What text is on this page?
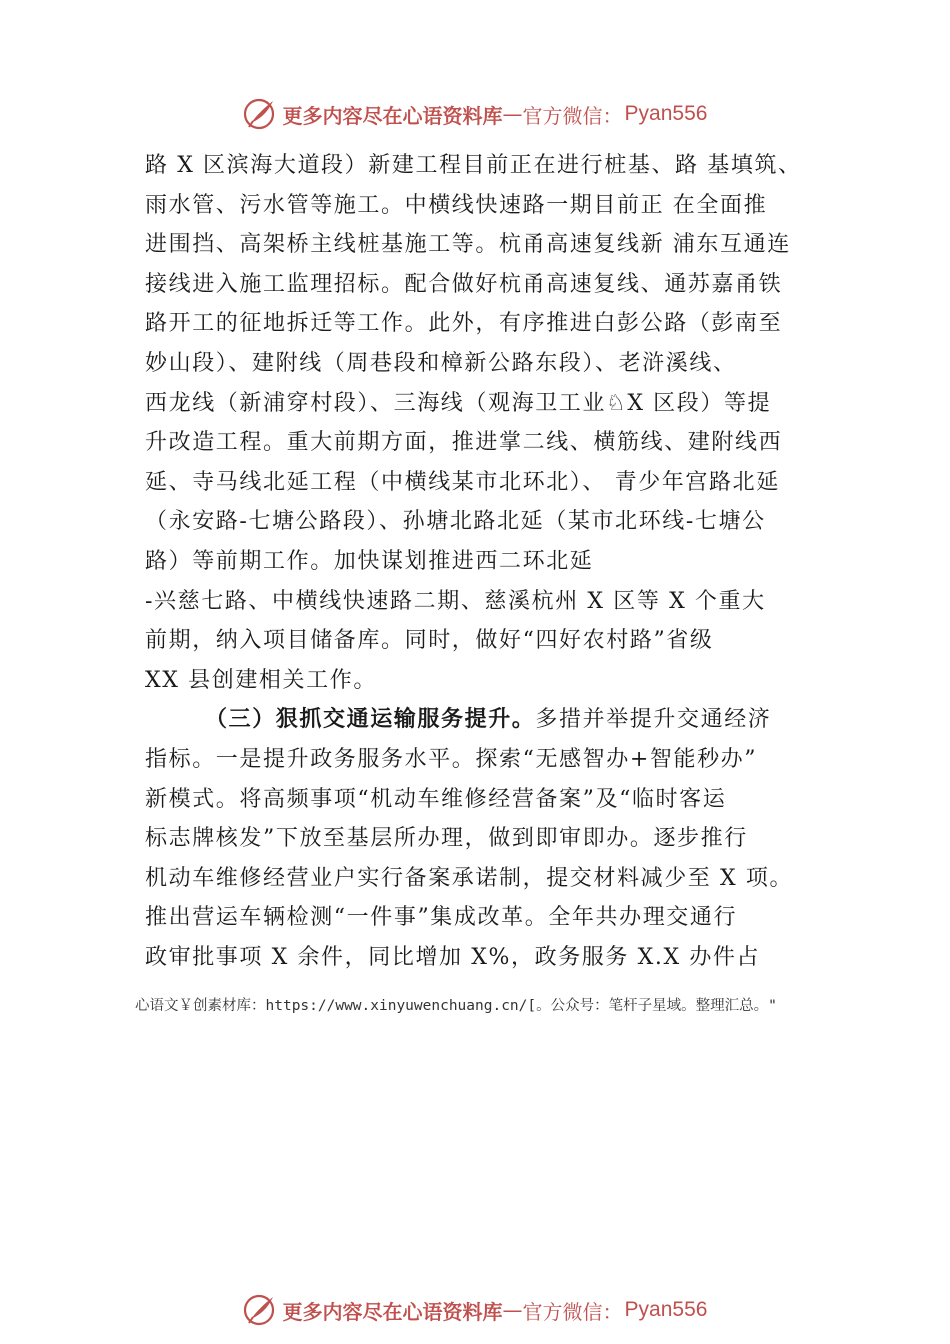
更多内容尽在心语资料库 — 官方微信： Pyan556
路 X 区滨海大道段）新建工程目前正在进行桩基、路 基填筑、
雨水管、污水管等施工。中横线快速路一期目前正 在全面推
进围挡、高架桥主线桩基施工等。杭甬高速复线新 浦东互通连
接线进入施工监理招标。配合做好杭甬高速复线、通苏嘉甬铁
路开工的征地拆迁等工作。此外，有序推进白彭公路（彭南至
妙山段）、建附线（周巷段和樟新公路东段）、老浒溪线、
西龙线（新浦穿村段）、三海线（观海卫工业♘X 区段）等提
升改造工程。重大前期方面，推进掌二线、横筋线、建附线西
延、寺马线北延工程（中横线某市北环北）、 青少年宫路北延
（永安路-七塘公路段）、孙塘北路北延（某市北环线-七塘公
路）等前期工作。加快谋划推进西二环北延
-兴慈七路、中横线快速路二期、慈溪杭州 X 区等 X 个重大
前期，纳入项目储备库。同时，做好“四好农村路”省级
XX 县创建相关工作。
（三）狠抓交通运输服务提升。多措并举提升交通经济
指标。一是提升政务服务水平。探索“无感智办+智能秒办”
新模式。将高频事项“机动车维修经营备案”及“临时客运
标志牌核发”下放至基层所办理，做到即审即办。逐步推行
机动车维修经营业户实行备案承诺制，提交材料减少至 X 项。
推出营运车辆检测“一件事”集成改革。全年共办理交通行
政审批事项 X 余件，同比增加 X%，政务服务 X.X 办件占
心语文￥创素材库：https://www.xinyuwenchuang.cn/[。公众号：笔杆子星域。整理汇总。"
更多内容尽在心语资料库 — 官方微信： Pyan556
